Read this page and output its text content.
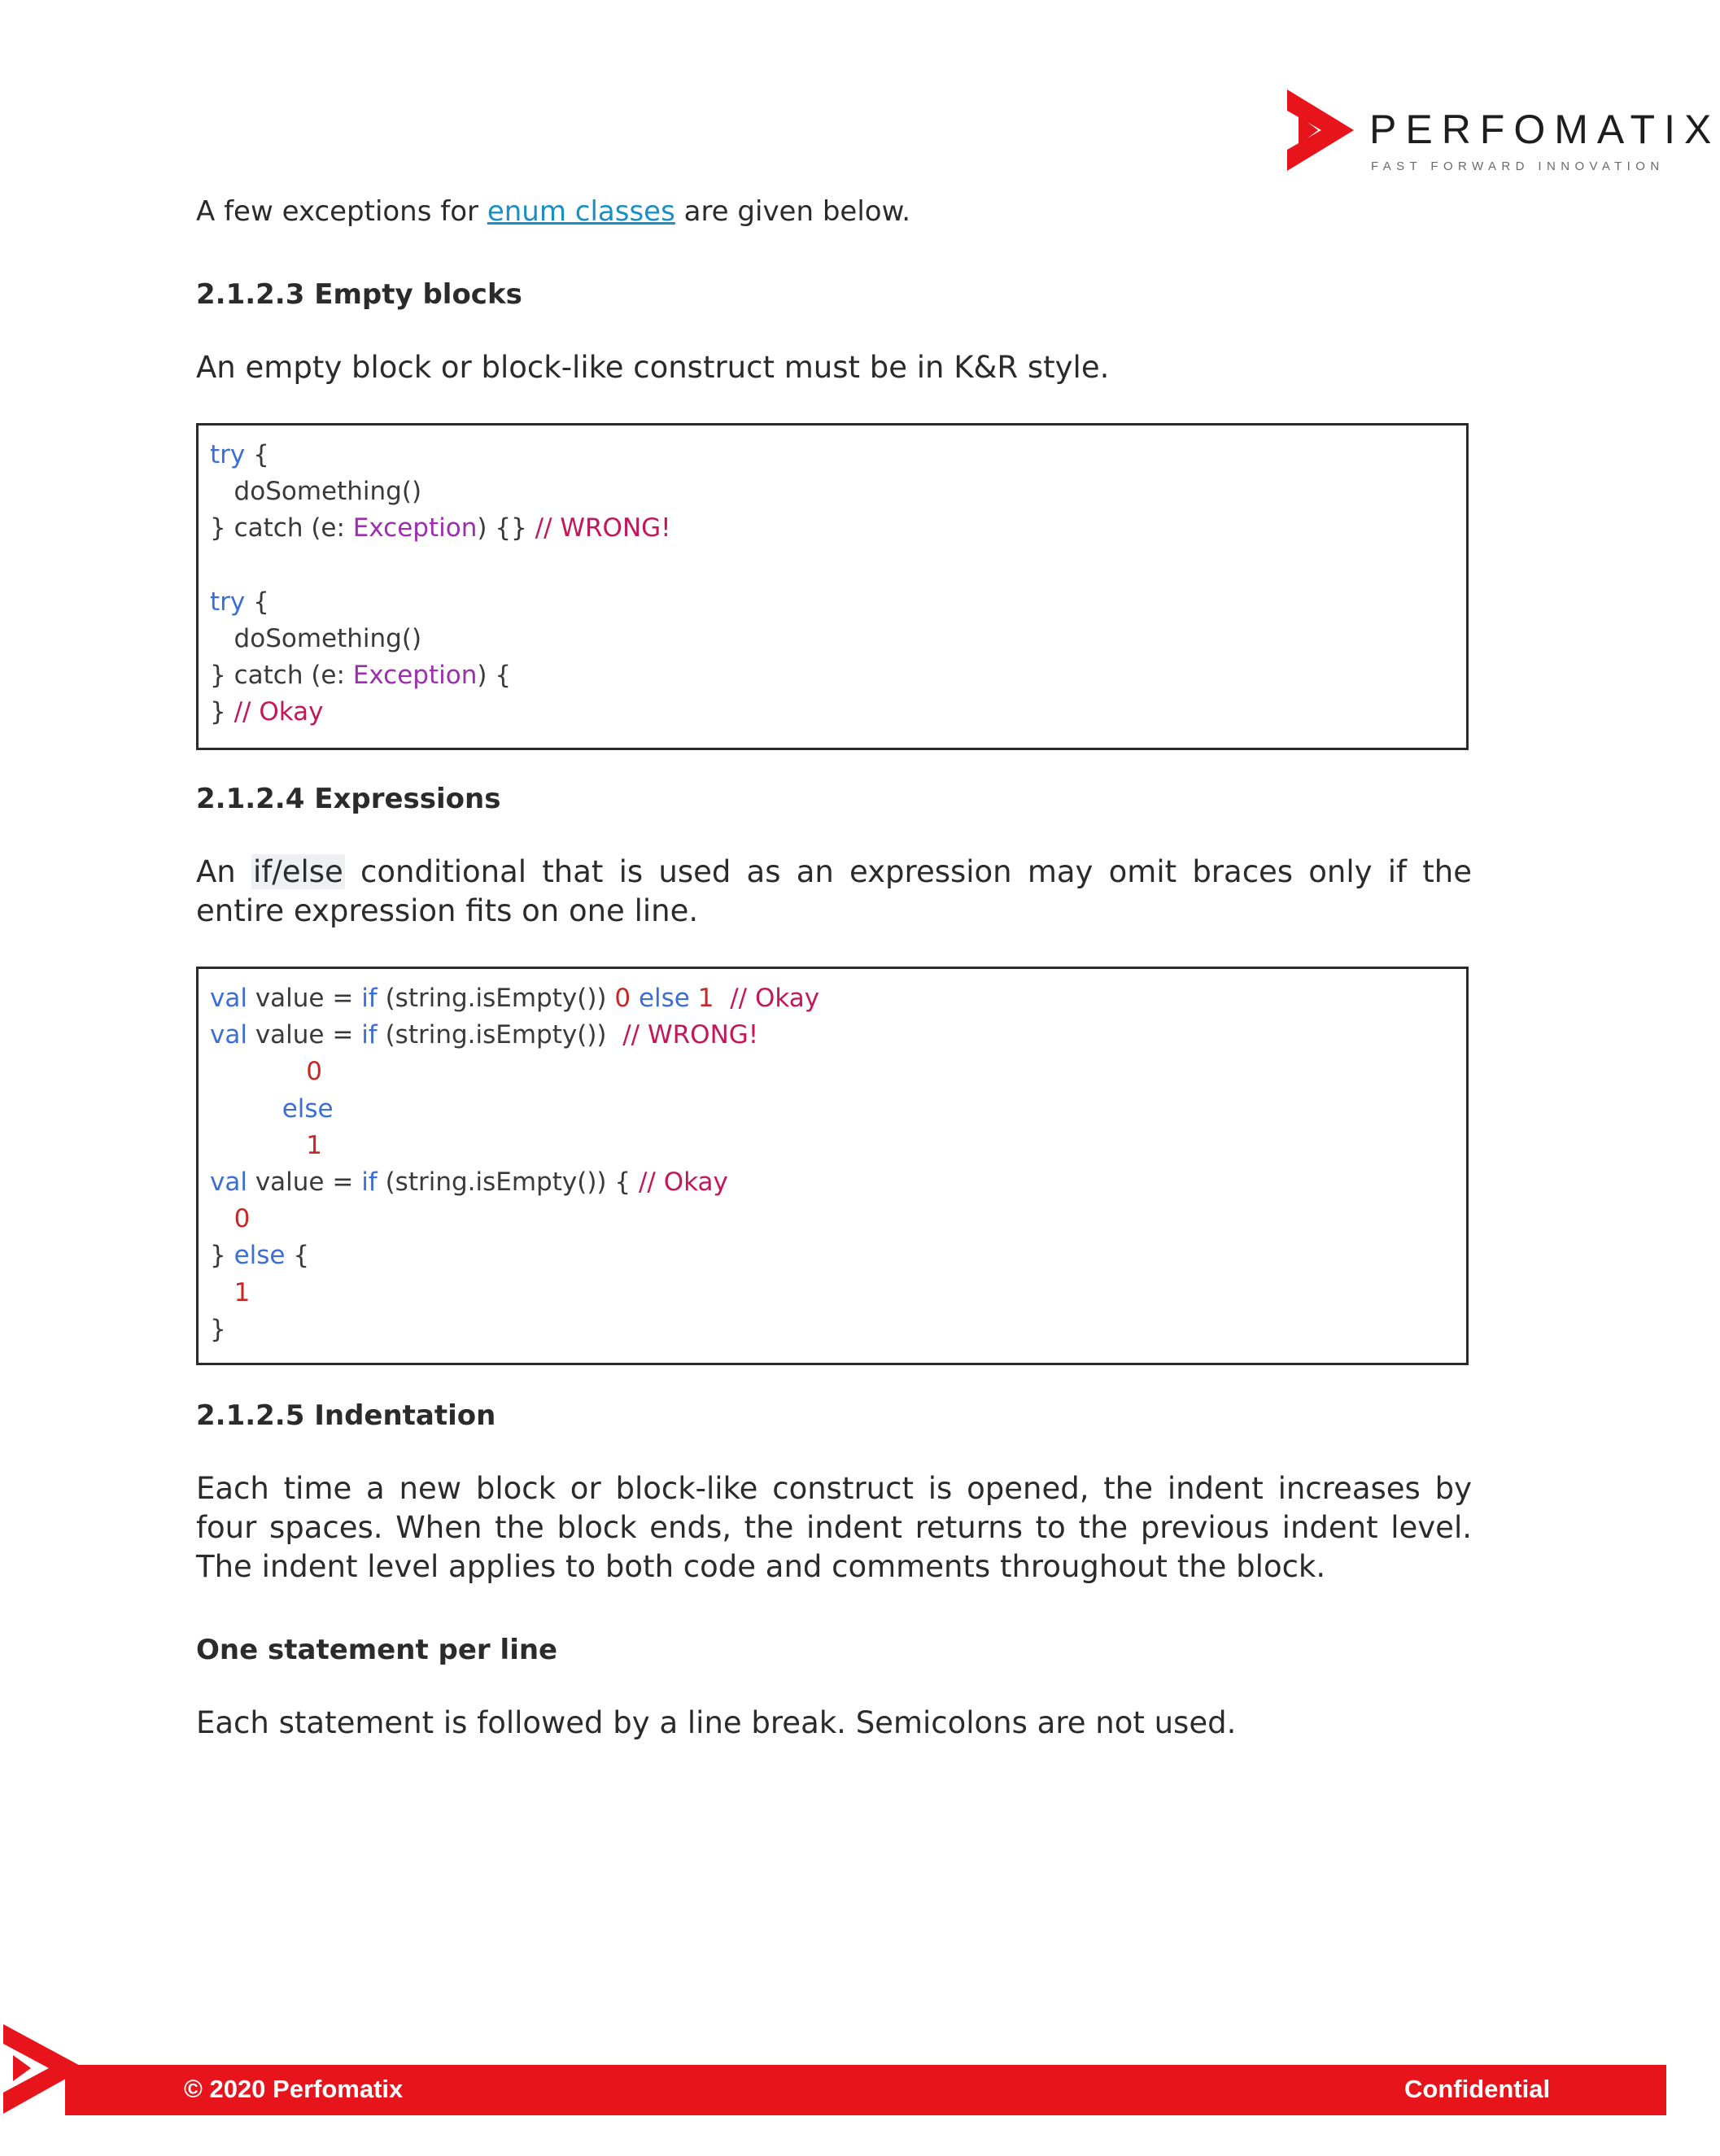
PERFOMATIX
FAST FORWARD INNOVATION

A few exceptions for enum classes are given below.

2.1.2.3 Empty blocks

An empty block or block-like construct must be in K&R style.

try {
doSomething()
} catch (e: Exception) {} // WRONG!

try {
doSomething()
} catch (e: Exception) {
} // Okay
2.1.2.4 Expressions

An if/else conditional that is used as an expression may omit braces only if the entire expression fits on one line.

val value = if (string.isEmpty()) 0 else 1 // Okay
val value = if (string.isEmpty())  // WRONG!
0
else
1
val value = if (string.isEmpty()) { // Okay
0
} else {
1
}
2.1.2.5 Indentation

Each time a new block or block-like construct is opened, the indent increases by four spaces. When the block ends, the indent returns to the previous indent level. The indent level applies to both code and comments throughout the block.

One statement per line

Each statement is followed by a line break. Semicolons are not used.

© 2020 Perfomatix	Confidential
